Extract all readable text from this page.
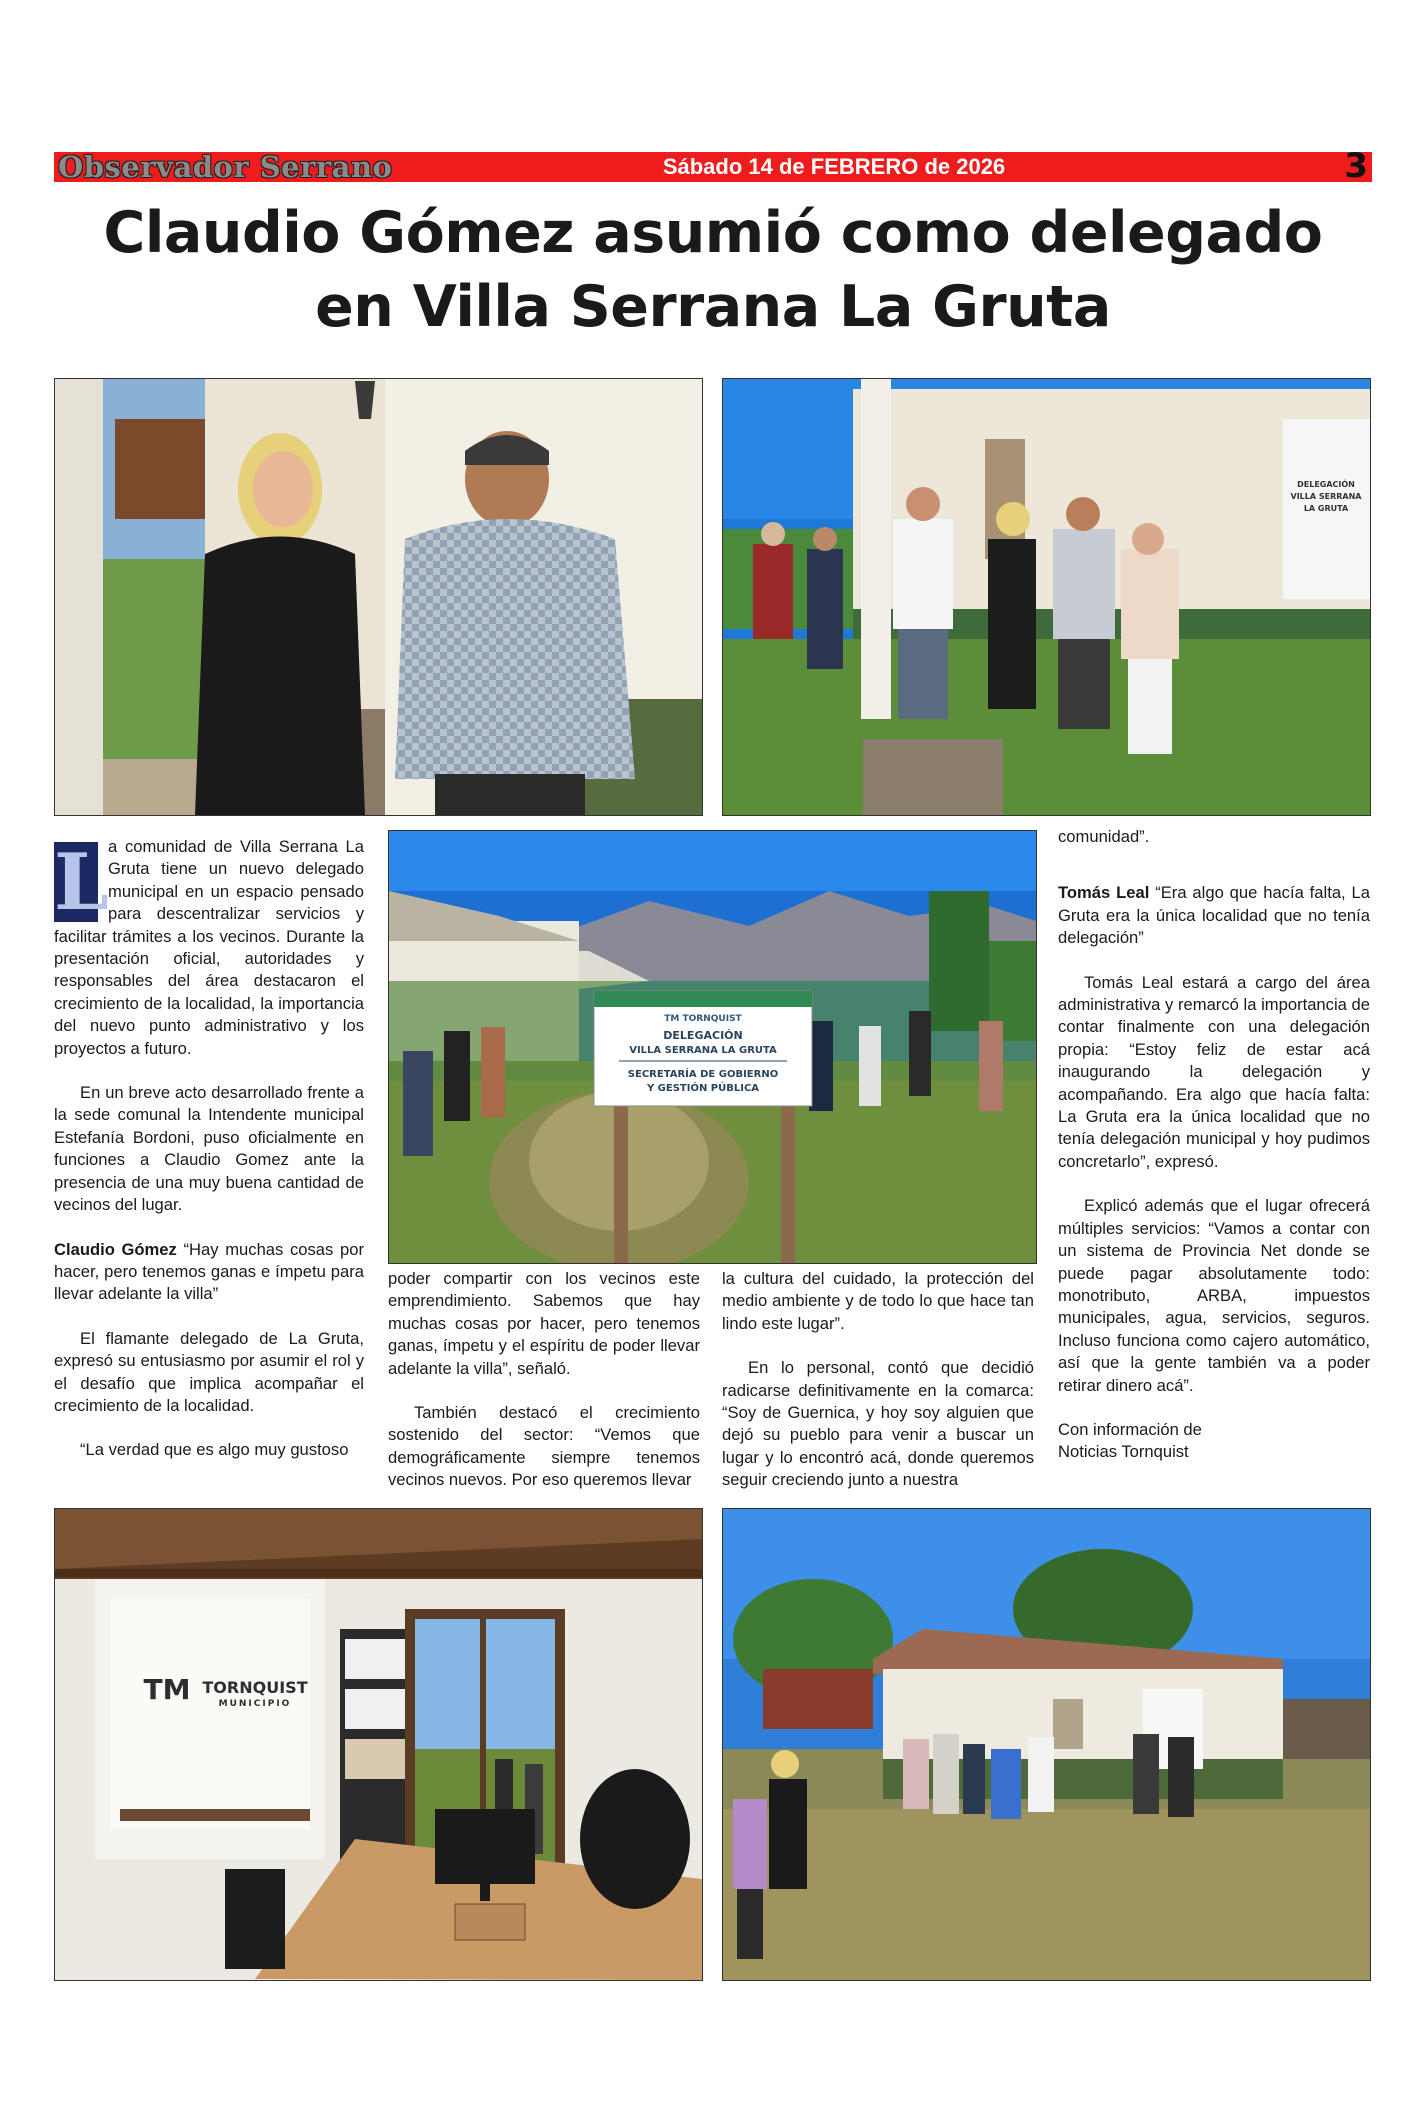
Observador Serrano	Sábado 14 de FEBRERO de 2026	3
Claudio Gómez asumió como delegado
en Villa Serrana La Gruta
DELEGACIÓN
VILLA SERRANA
LA GRUTA

L a comunidad de Villa Serrana La Gruta tiene un nuevo delegado municipal en un espacio pensado para descentralizar servicios y facilitar trámites a los vecinos. Durante la presentación oficial, autoridades y responsables del área destacaron el crecimiento de la localidad, la importancia del nuevo punto administrativo y los proyectos a futuro.

En un breve acto desarrollado frente a la sede comunal la Intendente municipal Estefanía Bordoni, puso oficialmente en funciones a Claudio Gomez ante la presencia de una muy buena cantidad de vecinos del lugar.

Claudio Gómez “Hay muchas cosas por hacer, pero tenemos ganas e ímpetu para llevar adelante la villa”

El flamante delegado de La Gruta, expresó su entusiasmo por asumir el rol y el desafío que implica acompañar el crecimiento de la localidad.

“La verdad que es algo muy gustoso

TM TORNQUIST
DELEGACIÓN
VILLA SERRANA LA GRUTA
SECRETARÍA DE GOBIERNO
Y GESTIÓN PÚBLICA

poder compartir con los vecinos este emprendimiento. Sabemos que hay muchas cosas por hacer, pero tenemos ganas, ímpetu y el espíritu de poder llevar adelante la villa”, señaló.

También destacó el crecimiento sostenido del sector: “Vemos que demográficamente siempre tenemos vecinos nuevos. Por eso queremos llevar

la cultura del cuidado, la protección del medio ambiente y de todo lo que hace tan lindo este lugar”.

En lo personal, contó que decidió radicarse definitivamente en la comarca: “Soy de Guernica, y hoy soy alguien que dejó su pueblo para venir a buscar un lugar y lo encontró acá, donde queremos seguir creciendo junto a nuestra

comunidad”.

Tomás Leal “Era algo que hacía falta, La Gruta era la única localidad que no tenía delegación”

Tomás Leal estará a cargo del área administrativa y remarcó la importancia de contar finalmente con una delegación propia: “Estoy feliz de estar acá inaugurando la delegación y acompañando. Era algo que hacía falta: La Gruta era la única localidad que no tenía delegación municipal y hoy pudimos concretarlo”, expresó.

Explicó además que el lugar ofrecerá múltiples servicios: “Vamos a contar con un sistema de Provincia Net donde se puede pagar absolutamente todo: monotributo, ARBA, impuestos municipales, agua, servicios, seguros. Incluso funciona como cajero automático, así que la gente también va a poder retirar dinero acá”.

Con información de
Noticias Tornquist

TM TORNQUIST
MUNICIPIO
